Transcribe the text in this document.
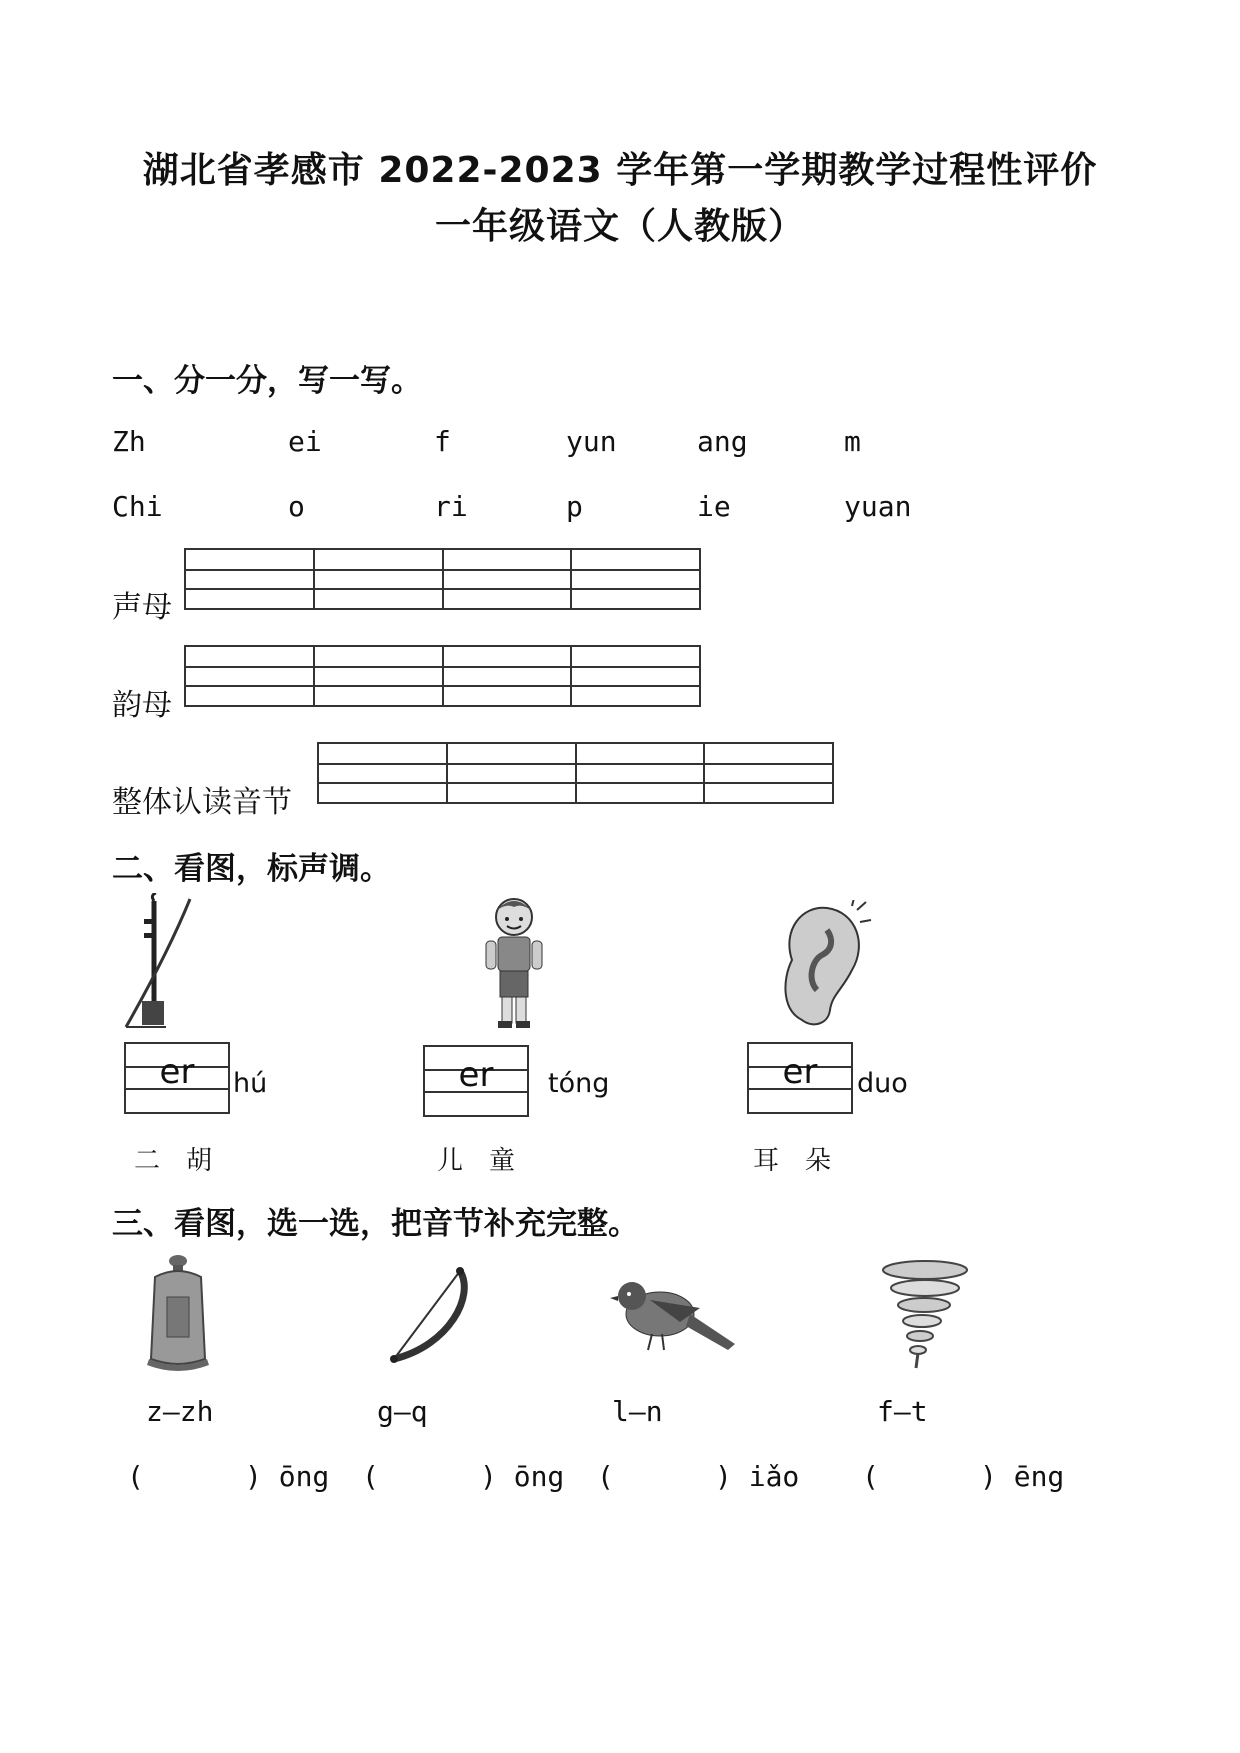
湖北省孝感市 2022-2023 学年第一学期教学过程性评价
一年级语文（人教版）
一、分一分，写一写。
Zh	ei	f	yun	ang	m
Chi	o	ri	p	ie	yuan
声母
韵母
整体认读音节
二、看图，标声调。
er	hú
二胡
er	tóng
儿童
er	duo
耳朵
三、看图，选一选，把音节补充完整。
z—zh	g—q	l—n	f—t
(      ) ōng (      ) ōng (      ) iǎo (      ) ēng
